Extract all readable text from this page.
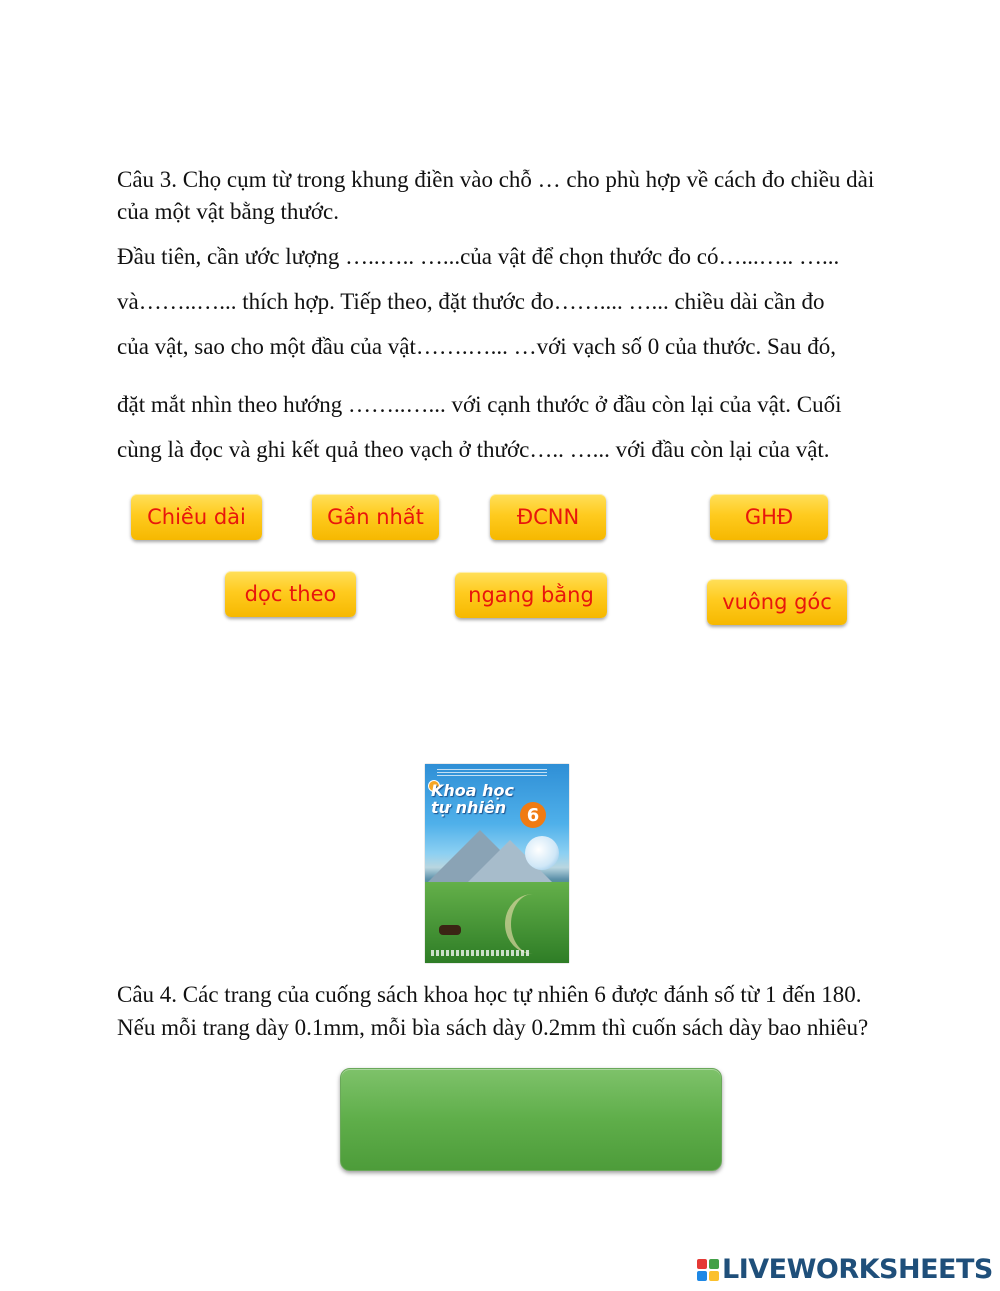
Câu 3. Chọ cụm từ trong khung điền vào chỗ … cho phù hợp về cách đo chiều dài

của một vật bằng thước.

Đầu tiên, cần ước lượng …..….. …...của vật để chọn thước đo có…...….. …...

và……..…... thích hợp. Tiếp theo, đặt thước đo…….... …... chiều dài cần đo

của vật, sao cho một đầu của vật…….…... …với vạch số 0 của thước. Sau đó,

đặt mắt nhìn theo hướng ……..…... với cạnh thước ở đầu còn lại của vật. Cuối

cùng là đọc và ghi kết quả theo vạch ở thước….. …... với đầu còn lại của vật.

Chiều dài	Gần nhất	ĐCNN	GHĐ
dọc theo	ngang bằng	vuông góc
Khoa học
tự nhiên	6

Câu 4. Các trang của cuống sách khoa học tự nhiên 6 được đánh số từ 1 đến 180.

Nếu mỗi trang dày 0.1mm, mỗi bìa sách dày 0.2mm thì cuốn sách dày bao nhiêu?

LIVEWORKSHEETS
